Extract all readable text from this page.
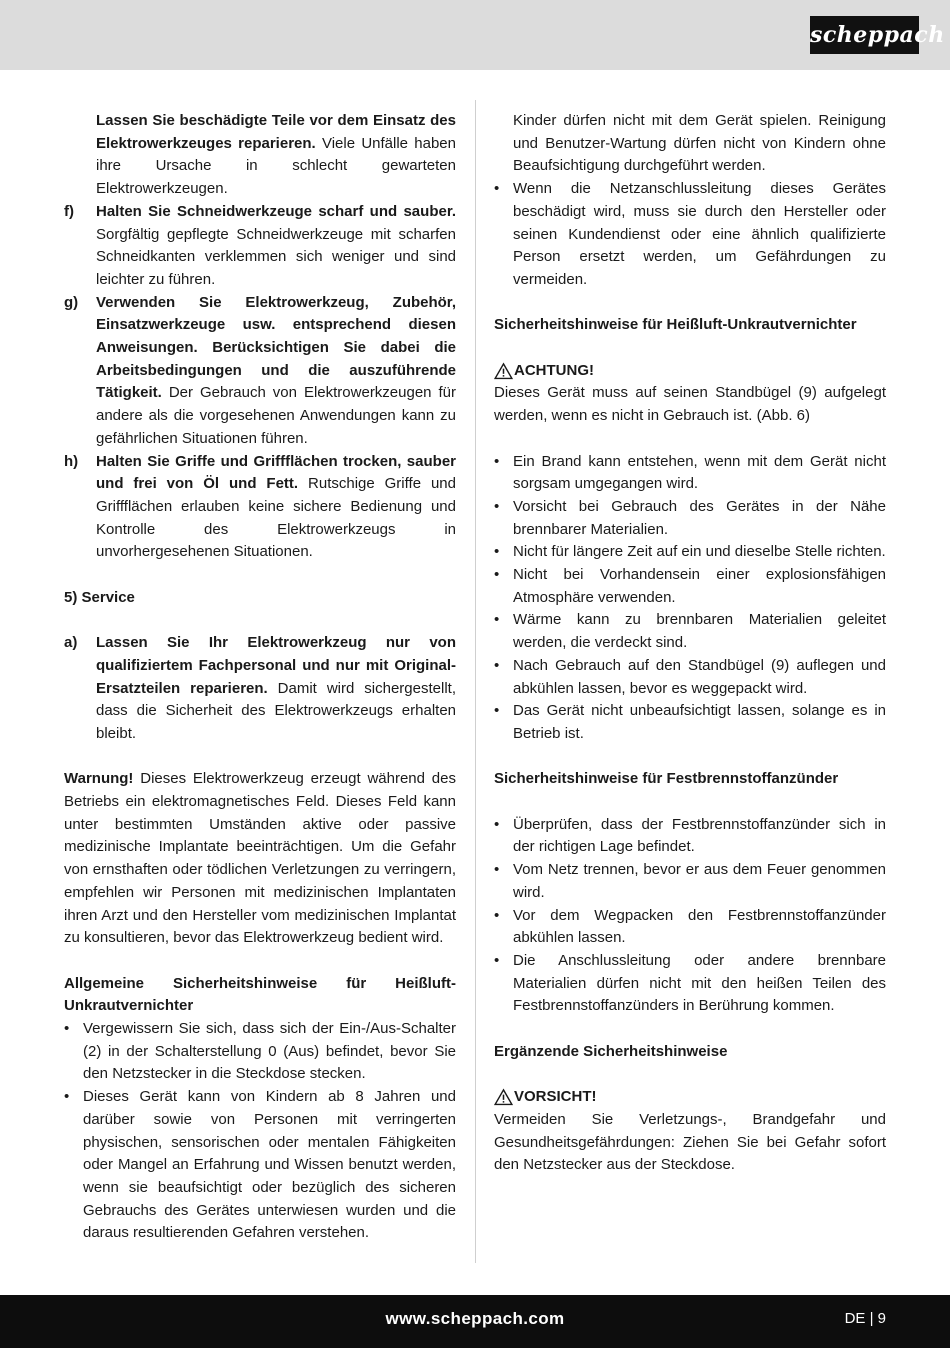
scheppach

Lassen Sie beschädigte Teile vor dem Einsatz des Elektrowerkzeuges reparieren. Viele Unfälle haben ihre Ursache in schlecht gewarteten Elektrowerkzeugen.

f) Halten Sie Schneidwerkzeuge scharf und sauber. Sorgfältig gepflegte Schneidwerkzeuge mit scharfen Schneidkanten verklemmen sich weniger und sind leichter zu führen.
g) Verwenden Sie Elektrowerkzeug, Zubehör, Einsatzwerkzeuge usw. entsprechend diesen Anweisungen. Berücksichtigen Sie dabei die Arbeitsbedingungen und die auszuführende Tätigkeit. Der Gebrauch von Elektrowerkzeugen für andere als die vorgesehenen Anwendungen kann zu gefährlichen Situationen führen.
h) Halten Sie Griffe und Griffflächen trocken, sauber und frei von Öl und Fett. Rutschige Griffe und Griffflächen erlauben keine sichere Bedienung und Kontrolle des Elektrowerkzeugs in unvorhergesehenen Situationen.

5) Service

a) Lassen Sie Ihr Elektrowerkzeug nur von qualifiziertem Fachpersonal und nur mit Original-Ersatzteilen reparieren. Damit wird sichergestellt, dass die Sicherheit des Elektrowerkzeugs erhalten bleibt.

Warnung! Dieses Elektrowerkzeug erzeugt während des Betriebs ein elektromagnetisches Feld. Dieses Feld kann unter bestimmten Umständen aktive oder passive medizinische Implantate beeinträchtigen. Um die Gefahr von ernsthaften oder tödlichen Verletzungen zu verringern, empfehlen wir Personen mit medizinischen Implantaten ihren Arzt und den Hersteller vom medizinischen Implantat zu konsultieren, bevor das Elektrowerkzeug bedient wird.

Allgemeine Sicherheitshinweise für Heißluft-Unkrautvernichter

• Vergewissern Sie sich, dass sich der Ein-/Aus-Schalter (2) in der Schalterstellung 0 (Aus) befindet, bevor Sie den Netzstecker in die Steckdose stecken.
• Dieses Gerät kann von Kindern ab 8 Jahren und darüber sowie von Personen mit verringerten physischen, sensorischen oder mentalen Fähigkeiten oder Mangel an Erfahrung und Wissen benutzt werden, wenn sie beaufsichtigt oder bezüglich des sicheren Gebrauchs des Gerätes unterwiesen wurden und die daraus resultierenden Gefahren verstehen.

Kinder dürfen nicht mit dem Gerät spielen. Reinigung und Benutzer-Wartung dürfen nicht von Kindern ohne Beaufsichtigung durchgeführt werden.

• Wenn die Netzanschlussleitung dieses Gerätes beschädigt wird, muss sie durch den Hersteller oder seinen Kundendienst oder eine ähnlich qualifizierte Person ersetzt werden, um Gefährdungen zu vermeiden.

Sicherheitshinweise für Heißluft-Unkrautvernichter

ACHTUNG!

Dieses Gerät muss auf seinen Standbügel (9) aufgelegt werden, wenn es nicht in Gebrauch ist. (Abb. 6)

• Ein Brand kann entstehen, wenn mit dem Gerät nicht sorgsam umgegangen wird.
• Vorsicht bei Gebrauch des Gerätes in der Nähe brennbarer Materialien.
• Nicht für längere Zeit auf ein und dieselbe Stelle richten.
• Nicht bei Vorhandensein einer explosionsfähigen Atmosphäre verwenden.
• Wärme kann zu brennbaren Materialien geleitet werden, die verdeckt sind.
• Nach Gebrauch auf den Standbügel (9) auflegen und abkühlen lassen, bevor es weggepackt wird.
• Das Gerät nicht unbeaufsichtigt lassen, solange es in Betrieb ist.

Sicherheitshinweise für Festbrennstoffanzünder

• Überprüfen, dass der Festbrennstoffanzünder sich in der richtigen Lage befindet.
• Vom Netz trennen, bevor er aus dem Feuer genommen wird.
• Vor dem Wegpacken den Festbrennstoffanzünder abkühlen lassen.
• Die Anschlussleitung oder andere brennbare Materialien dürfen nicht mit den heißen Teilen des Festbrennstoffanzünders in Berührung kommen.

Ergänzende Sicherheitshinweise

VORSICHT!

Vermeiden Sie Verletzungs-, Brandgefahr und Gesundheitsgefährdungen: Ziehen Sie bei Gefahr sofort den Netzstecker aus der Steckdose.

www.scheppach.com	DE | 9
